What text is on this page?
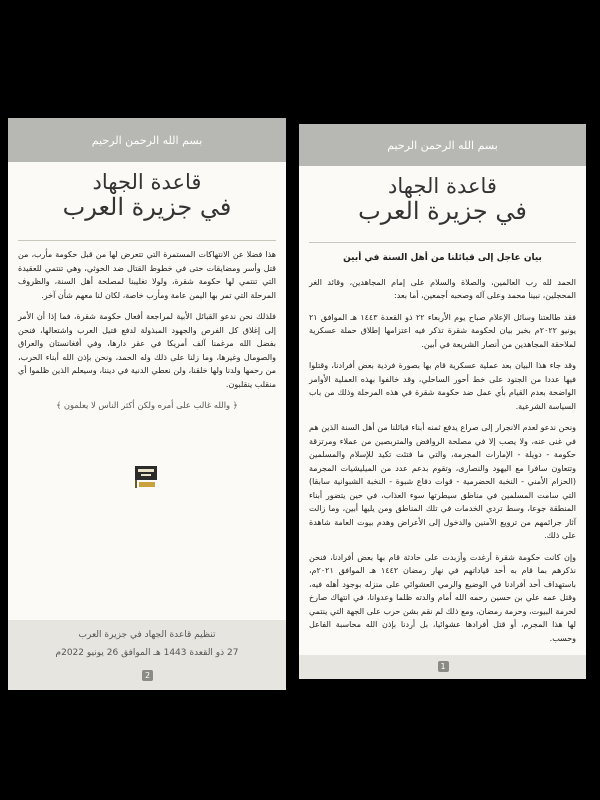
بسم الله الرحمن الرحيم
قاعدة الجهاد
في جزيرة العرب

هذا فضلا عن الانتهاكات المستمرة التي تتعرض لها من قبل حكومة مأرب، من قتل وأسر ومضايقات حتى في خطوط القتال ضد الحوثي، وهي تنتمي للعقيدة التي تنتمي لها حكومة شقرة، ولولا تغليبنا لمصلحة أهل السنة، والظروف المرحلة التي تمر بها اليمن عامة ومأرب خاصة، لكان لنا معهم شأن آخر.

فلذلك نحن ندعو القبائل الأبية لمراجعة أفعال حكومة شقرة، فما إذا أن الأمر إلى إغلاق كل الفرص والجهود المبذولة لدفع قتيل العرب واشتعالها، فنحن بفضل الله مرغمنا آلف أمريكا في عقر دارها، وفي أفغانستان والعراق والصومال وغيرها، وما زلنا على ذلك وله الحمد، ونحن بإذن الله أبناء الحرب، من رحمها ولدنا ولها خلقنا، ولن نعطي الدنية في ديننا، وسيعلم الذين ظلموا أي منقلب ينقلبون.

﴿ والله غالب على أمره ولكن أكثر الناس لا يعلمون ﴾

تنظيم قاعدة الجهاد في جزيرة العرب
27 ذو القعدة 1443 هـ الموافق 26 يونيو 2022م
2
بسم الله الرحمن الرحيم
قاعدة الجهاد
في جزيرة العرب

بيان عاجل إلى قبائلنا من أهل السنة في أبين

الحمد لله رب العالمين، والصلاة والسلام على إمام المجاهدين، وقائد الغر المحجلين، نبينا محمد وعلى آله وصحبه أجمعين، أما بعد:

فقد طالعتنا وسائل الإعلام صباح يوم الأربعاء ٢٢ ذو القعدة ١٤٤٣ هـ الموافق ٢١ يونيو ٢٠٢٢م بخبر بيان لحكومة شقرة تذكر فيه اعتزامها إطلاق حملة عسكرية لملاحقة المجاهدين من أنصار الشريعة في أبين.

وقد جاء هذا البيان بعد عملية عسكرية قام بها بصورة فردية بعض أفرادنا، وقتلوا فيها عددا من الجنود على خط أحور الساحلي، وقد خالفوا بهذه العملية الأوامر الواضحة بعدم القيام بأي عمل ضد حكومة شقرة في هذه المرحلة وذلك من باب السياسة الشرعية.

ونحن ندعو لعدم الانجرار إلى صراع يدفع ثمنه أبناء قبائلنا من أهل السنة الذين هم في غنى عنه، ولا يصب إلا في مصلحة الروافض والمتربصين من عملاء ومرتزقة حكومة - دويلة - الإمارات المجرمة، والتي ما فتئت تكيد للإسلام والمسلمين وتتعاون سافرا مع اليهود والنصارى، وتقوم بدعم عدد من الميليشيات المجرمة (الحزام الأمني - النخبة الحضرمية - قوات دفاع شبوة - النخبة الشبوانية سابقا) التي سامت المسلمين في مناطق سيطرتها سوء العذاب، في حين يتضور أبناء المنطقة جوعا، وسط تردي الخدمات في تلك المناطق ومن يليها أبين، وما زالت آثار جرائمهم من ترويع الآمنين والدخول إلى الأعراض وهدم بيوت العامة شاهدة على ذلك.

وإن كانت حكومة شقرة أرغدت وأزبدت على حادثة قام بها بعض أفرادنا، فنحن نذكرهم بما قام به أحد قياداتهم في نهار رمضان ١٤٤٢ هـ الموافق ٢٠٢١م، باستهداف أحد أفرادنا في الوضيع والرمي العشوائي على منزله بوجود أهله فيه، وقتل عمه علي بن حسين رحمه الله أمام والدته ظلما وعدوانا، في انتهاك صارخ لحرمة البيوت، وحرمة رمضان، ومع ذلك لم نقم بشن حرب على الجهة التي ينتمي لها هذا المجرم، أو قتل أفرادها عشوائيا، بل أردنا بإذن الله محاسبة الفاعل وحسب.

1
